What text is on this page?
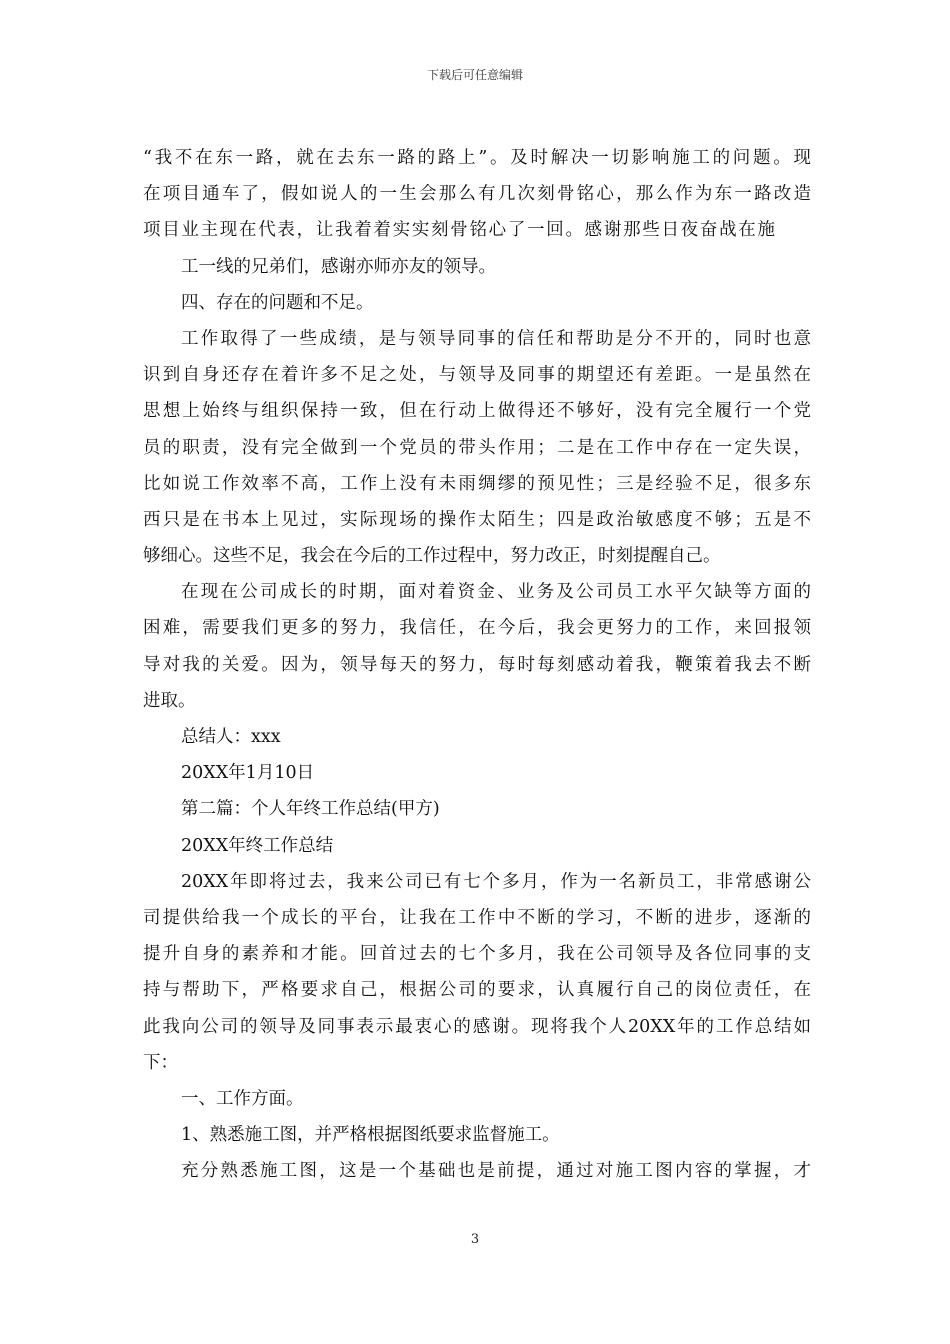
下载后可任意编辑
“我不在东一路，就在去东一路的路上”。及时解决一切影响施工的问题。现
在项目通车了，假如说人的一生会那么有几次刻骨铭心，那么作为东一路改造
项目业主现在代表，让我着着实实刻骨铭心了一回。感谢那些日夜奋战在施
工一线的兄弟们，感谢亦师亦友的领导。
四、存在的问题和不足。
工作取得了一些成绩，是与领导同事的信任和帮助是分不开的，同时也意
识到自身还存在着许多不足之处，与领导及同事的期望还有差距。一是虽然在
思想上始终与组织保持一致，但在行动上做得还不够好，没有完全履行一个党
员的职责，没有完全做到一个党员的带头作用；二是在工作中存在一定失误，
比如说工作效率不高，工作上没有未雨绸缪的预见性；三是经验不足，很多东
西只是在书本上见过，实际现场的操作太陌生；四是政治敏感度不够；五是不
够细心。这些不足，我会在今后的工作过程中，努力改正，时刻提醒自己。
在现在公司成长的时期，面对着资金、业务及公司员工水平欠缺等方面的
困难，需要我们更多的努力，我信任，在今后，我会更努力的工作，来回报领
导对我的关爱。因为，领导每天的努力，每时每刻感动着我，鞭策着我去不断
进取。
总结人：xxx
20XX年1月10日
第二篇：个人年终工作总结(甲方)
20XX年终工作总结
20XX年即将过去，我来公司已有七个多月，作为一名新员工，非常感谢公
司提供给我一个成长的平台，让我在工作中不断的学习，不断的进步，逐渐的
提升自身的素养和才能。回首过去的七个多月，我在公司领导及各位同事的支
持与帮助下，严格要求自己，根据公司的要求，认真履行自己的岗位责任，在
此我向公司的领导及同事表示最衷心的感谢。现将我个人20XX年的工作总结如
下：
一、工作方面。
1、熟悉施工图，并严格根据图纸要求监督施工。
充分熟悉施工图，这是一个基础也是前提，通过对施工图内容的掌握，才
3
